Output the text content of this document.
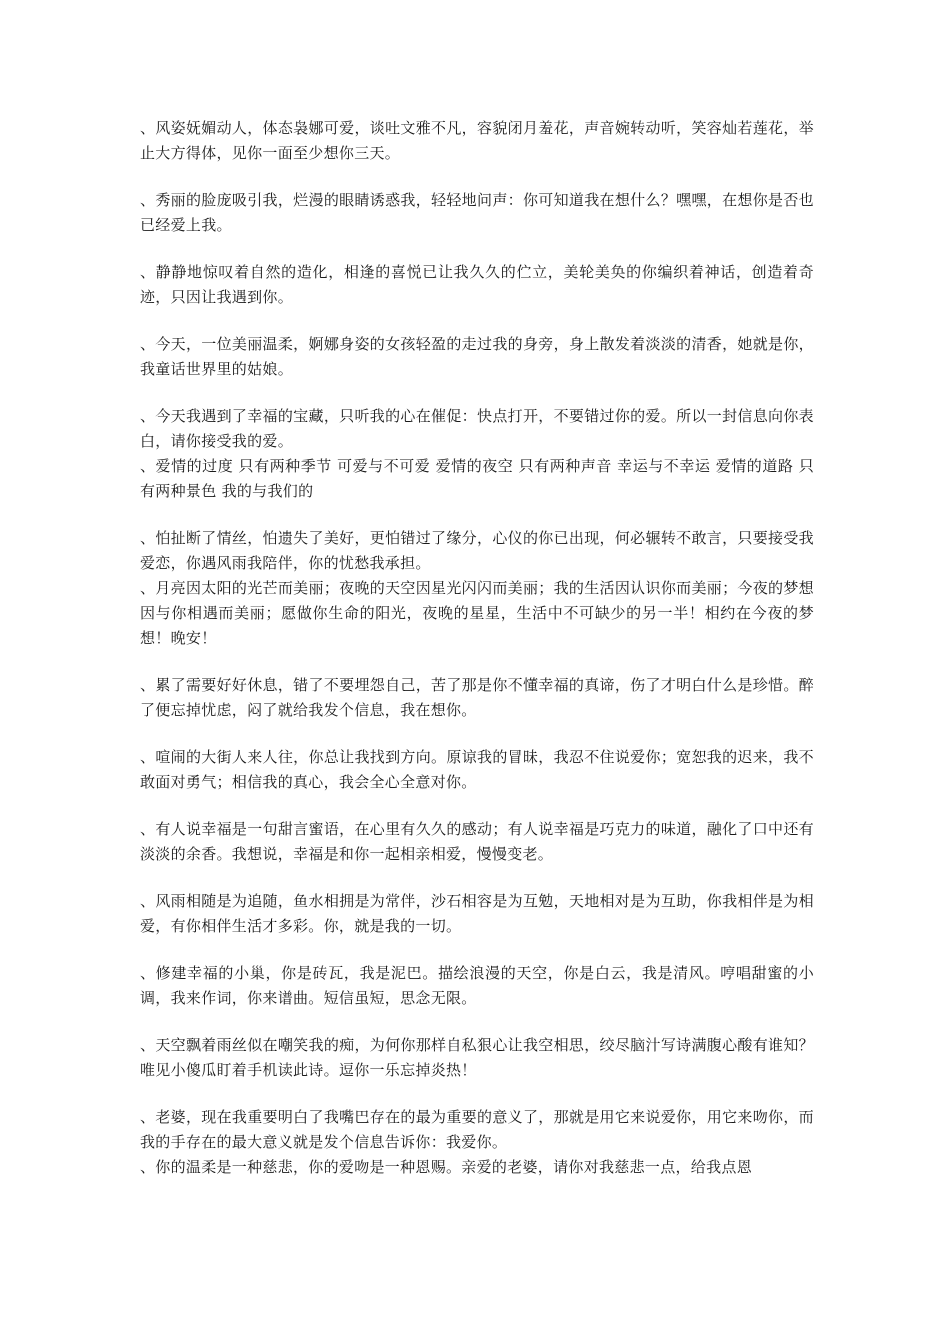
、风姿妩媚动人，体态袅娜可爱，谈吐文雅不凡，容貌闭月羞花，声音婉转动听，笑容灿若莲花，举止大方得体，见你一面至少想你三天。

、秀丽的脸庞吸引我，烂漫的眼睛诱惑我，轻轻地问声：你可知道我在想什么？嘿嘿，在想你是否也已经爱上我。

、静静地惊叹着自然的造化，相逢的喜悦已让我久久的伫立，美轮美奂的你编织着神话，创造着奇迹，只因让我遇到你。

、今天，一位美丽温柔，婀娜身姿的女孩轻盈的走过我的身旁，身上散发着淡淡的清香，她就是你，我童话世界里的姑娘。

、今天我遇到了幸福的宝藏，只听我的心在催促：快点打开，不要错过你的爱。所以一封信息向你表白，请你接受我的爱。

、爱情的过度 只有两种季节 可爱与不可爱 爱情的夜空 只有两种声音 幸运与不幸运 爱情的道路 只有两种景色 我的与我们的

、怕扯断了情丝，怕遗失了美好，更怕错过了缘分，心仪的你已出现，何必辗转不敢言，只要接受我爱恋，你遇风雨我陪伴，你的忧愁我承担。

、月亮因太阳的光芒而美丽；夜晚的天空因星光闪闪而美丽；我的生活因认识你而美丽；今夜的梦想因与你相遇而美丽；愿做你生命的阳光，夜晚的星星，生活中不可缺少的另一半！相约在今夜的梦想！晚安！

、累了需要好好休息，错了不要埋怨自己，苦了那是你不懂幸福的真谛，伤了才明白什么是珍惜。醉了便忘掉忧虑，闷了就给我发个信息，我在想你。

、喧闹的大街人来人往，你总让我找到方向。原谅我的冒昧，我忍不住说爱你；宽恕我的迟来，我不敢面对勇气；相信我的真心，我会全心全意对你。

、有人说幸福是一句甜言蜜语，在心里有久久的感动；有人说幸福是巧克力的味道，融化了口中还有淡淡的余香。我想说，幸福是和你一起相亲相爱，慢慢变老。

、风雨相随是为追随，鱼水相拥是为常伴，沙石相容是为互勉，天地相对是为互助，你我相伴是为相爱，有你相伴生活才多彩。你，就是我的一切。

、修建幸福的小巢，你是砖瓦，我是泥巴。描绘浪漫的天空，你是白云，我是清风。哼唱甜蜜的小调，我来作词，你来谱曲。短信虽短，思念无限。

、天空飘着雨丝似在嘲笑我的痴，为何你那样自私狠心让我空相思，绞尽脑汁写诗满腹心酸有谁知？唯见小傻瓜盯着手机读此诗。逗你一乐忘掉炎热！

、老婆，现在我重要明白了我嘴巴存在的最为重要的意义了，那就是用它来说爱你，用它来吻你，而我的手存在的最大意义就是发个信息告诉你：我爱你。

、你的温柔是一种慈悲，你的爱吻是一种恩赐。亲爱的老婆，请你对我慈悲一点，给我点恩
